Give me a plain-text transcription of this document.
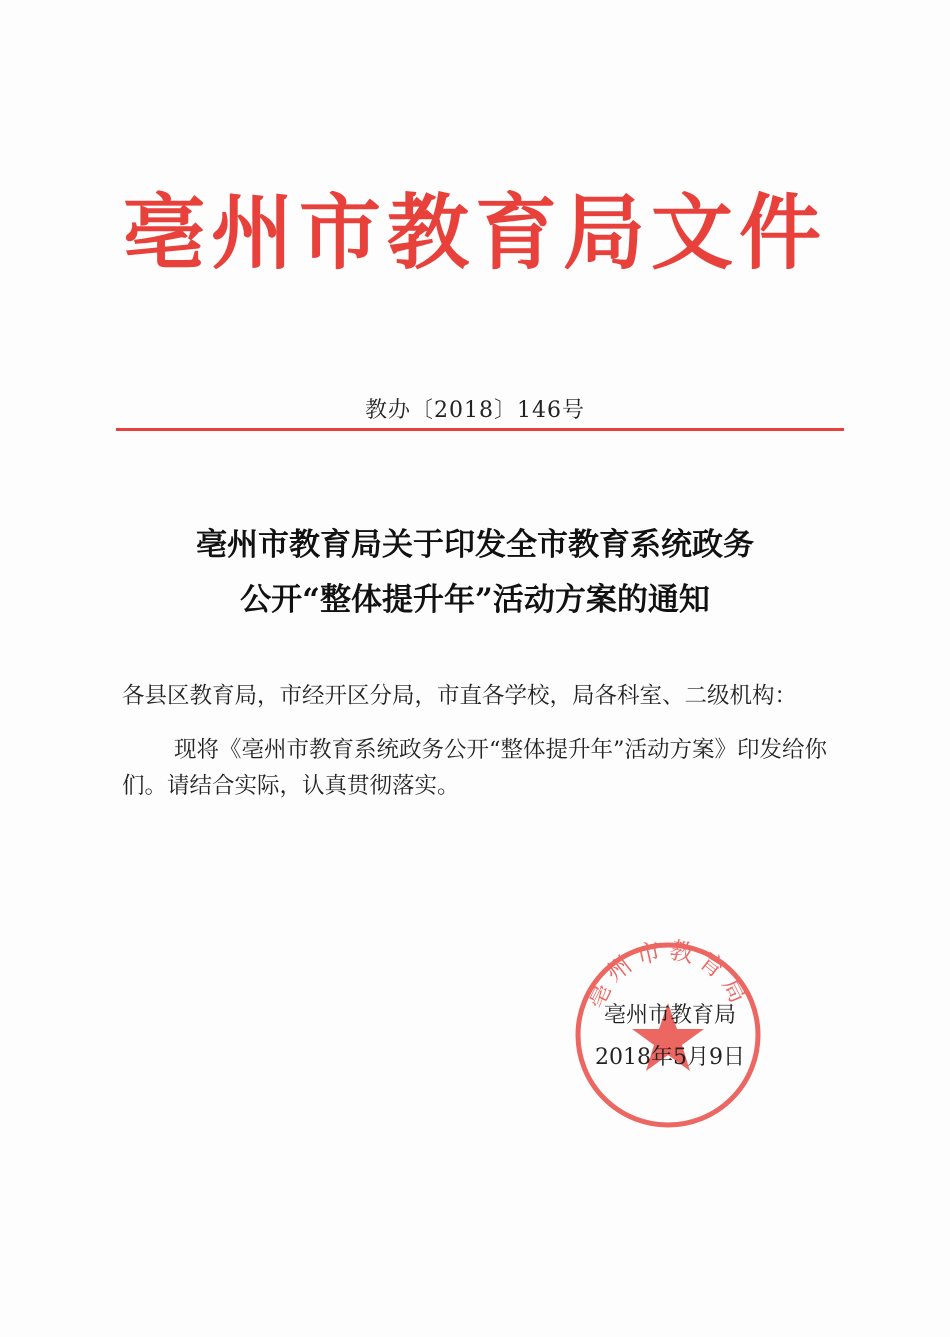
亳州市教育局文件
教办〔2018〕146号
亳州市教育局关于印发全市教育系统政务
公开“整体提升年”活动方案的通知

各县区教育局，市经开区分局，市直各学校，局各科室、二级机构：

现将《亳州市教育系统政务公开“整体提升年”活动方案》印发给你们。请结合实际，认真贯彻落实。

亳州市教育局
亳州市教育局
2018年5月9日
